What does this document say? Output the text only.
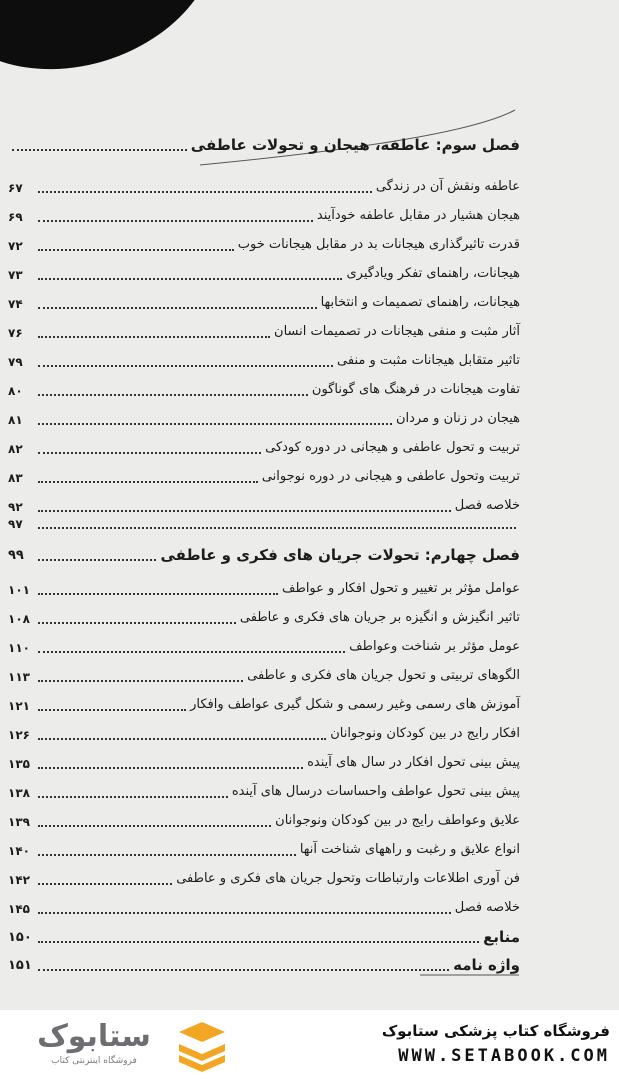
فصل سوم: عاطفه، هیجان و تحولات عاطفی
۶۷	عاطفه ونقش آن در زندگی
۶۹	هیجان هشیار در مقابل عاطفه خودآیند
۷۲	قدرت تاثیرگذاری هیجانات بد در مقابل هیجانات خوب
۷۳	هیجانات، راهنمای تفکر ویادگیری
۷۴	هیجانات، راهنمای تصمیمات و انتخابها
۷۶	آثار مثبت و منفی هیجانات در تصمیمات انسان
۷۹	تاثیر متقابل هیجانات مثبت و منفی
۸۰	تفاوت هیجانات در فرهنگ های گوناگون
۸۱	هیجان در زنان و مردان
۸۲	تربیت و تحول عاطفی و هیجانی در دوره کودکی
۸۳	تربیت وتحول عاطفی و هیجانی در دوره نوجوانی
۹۲	خلاصه فصل
۹۷
۹۹	فصل چهارم: تحولات جریان های فکری و عاطفی
۱۰۱	عوامل مؤثر بر تغییر و تحول افکار و عواطف
۱۰۸	تاثیر انگیزش و انگیزه بر جریان های فکری و عاطفی
۱۱۰	عومل مؤثر بر شناخت وعواطف
۱۱۳	الگوهای تربیتی و تحول جریان های فکری و عاطفی
۱۲۱	آموزش های رسمی وغیر رسمی و شکل گیری عواطف وافکار
۱۲۶	افکار رایج در بین کودکان ونوجوانان
۱۳۵	پیش بینی تحول افکار در سال های آینده
۱۳۸	پیش بینی تحول عواطف واحساسات درسال های آینده
۱۳۹	علایق وعواطف رایج در بین کودکان ونوجوانان
۱۴۰	انواع علایق و رغبت و راههای شناخت آنها
۱۴۲	فن آوری اطلاعات وارتباطات وتحول جریان های فکری و عاطفی
۱۴۵	خلاصه فصل
۱۵۰	منابع
۱۵۱	واژه نامه
ستابوک
فروشگاه اینترنتی کتاب
فروشگاه کتاب پزشکی ستابوک
WWW.SETABOOK.COM
